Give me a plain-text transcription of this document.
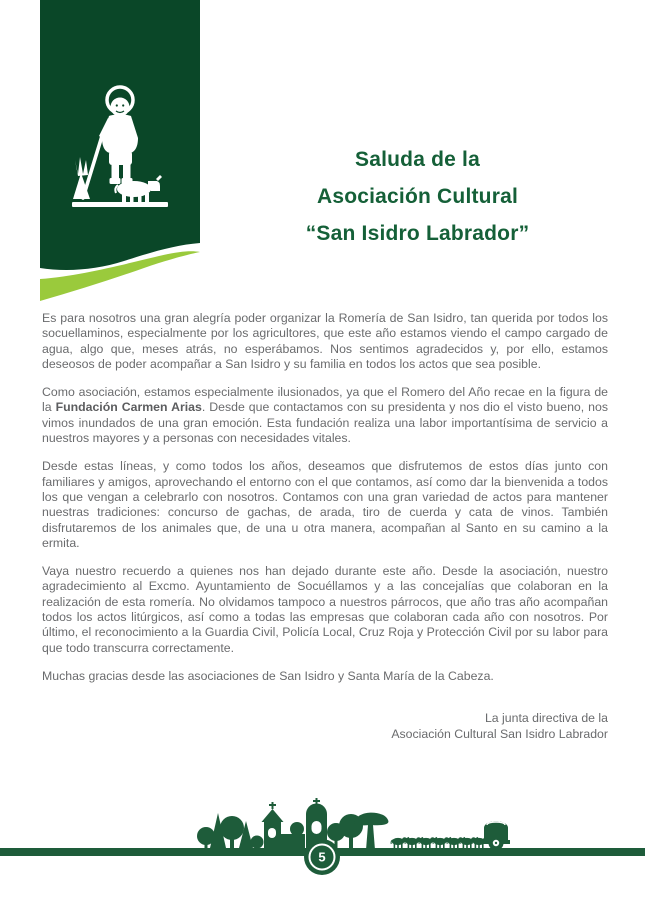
Saluda de la
Asociación Cultural
“San Isidro Labrador”

Es para nosotros una gran alegría poder organizar la Romería de San Isidro, tan querida por todos los socuellaminos, especialmente por los agricultores, que este año estamos viendo el campo cargado de agua, algo que, meses atrás, no esperábamos. Nos sentimos agradecidos y, por ello, estamos deseosos de poder acompañar a San Isidro y su familia en todos los actos que sea posible.

Como asociación, estamos especialmente ilusionados, ya que el Romero del Año recae en la figura de la Fundación Carmen Arias. Desde que contactamos con su presidenta y nos dio el visto bueno, nos vimos inundados de una gran emoción. Esta fundación realiza una labor importantísima de servicio a nuestros mayores y a personas con necesidades vitales.

Desde estas líneas, y como todos los años, deseamos que disfrutemos de estos días junto con familiares y amigos, aprovechando el entorno con el que contamos, así como dar la bienvenida a todos los que vengan a celebrarlo con nosotros. Contamos con una gran variedad de actos para mantener nuestras tradiciones: concurso de gachas, de arada, tiro de cuerda y cata de vinos. También disfrutaremos de los animales que, de una u otra manera, acompañan al Santo en su camino a la ermita.

Vaya nuestro recuerdo a quienes nos han dejado durante este año. Desde la asociación, nuestro agradecimiento al Excmo. Ayuntamiento de Socuéllamos y a las concejalías que colaboran en la realización de esta romería. No olvidamos tampoco a nuestros párrocos, que año tras año acompañan todos los actos litúrgicos, así como a todas las empresas que colaboran cada año con nosotros. Por último, el reconocimiento a la Guardia Civil, Policía Local, Cruz Roja y Protección Civil por su labor para que todo transcurra correctamente.

Muchas gracias desde las asociaciones de San Isidro y Santa María de la Cabeza.

La junta directiva de la
Asociación Cultural San Isidro Labrador
5
